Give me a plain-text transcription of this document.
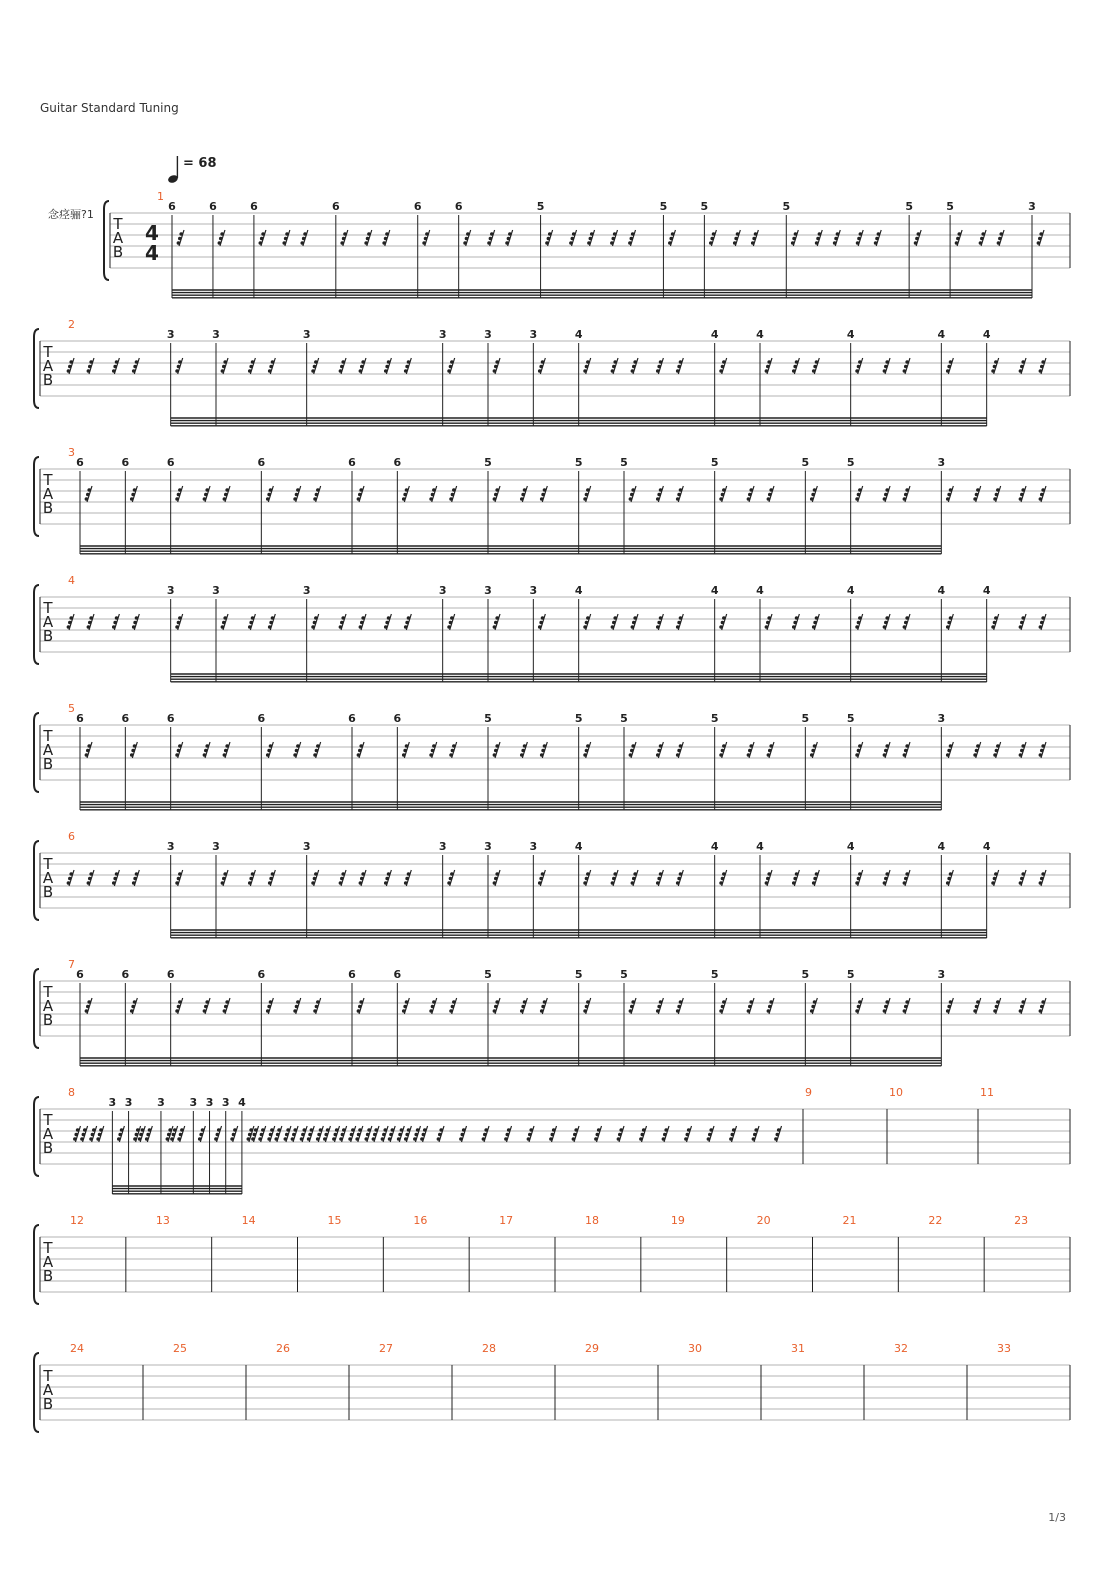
Guitar Standard Tuning
= 68
念痉骊?1
T
A
B
4
4
1
6	6	6	6	6	6	5	5	5	5	5	5	3
T
A
B
2
3	3	3	3	3	3	4	4	4	4	4	4
T
A
B
3
6	6	6	6	6	6	5	5	5	5	5	5	3
T
A
B
4
3	3	3	3	3	3	4	4	4	4	4	4
T
A
B
5
6	6	6	6	6	6	5	5	5	5	5	5	3
T
A
B
6
3	3	3	3	3	3	4	4	4	4	4	4
T
A
B
7
6	6	6	6	6	6	5	5	5	5	5	5	3
T
A
B
8
3 3 3 3 3 3 4
9	10	11
T
A
B
12	13	14	15	16	17	18	19	20	21	22	23
T
A
B
24	25	26	27	28	29	30	31	32	33
1/3
